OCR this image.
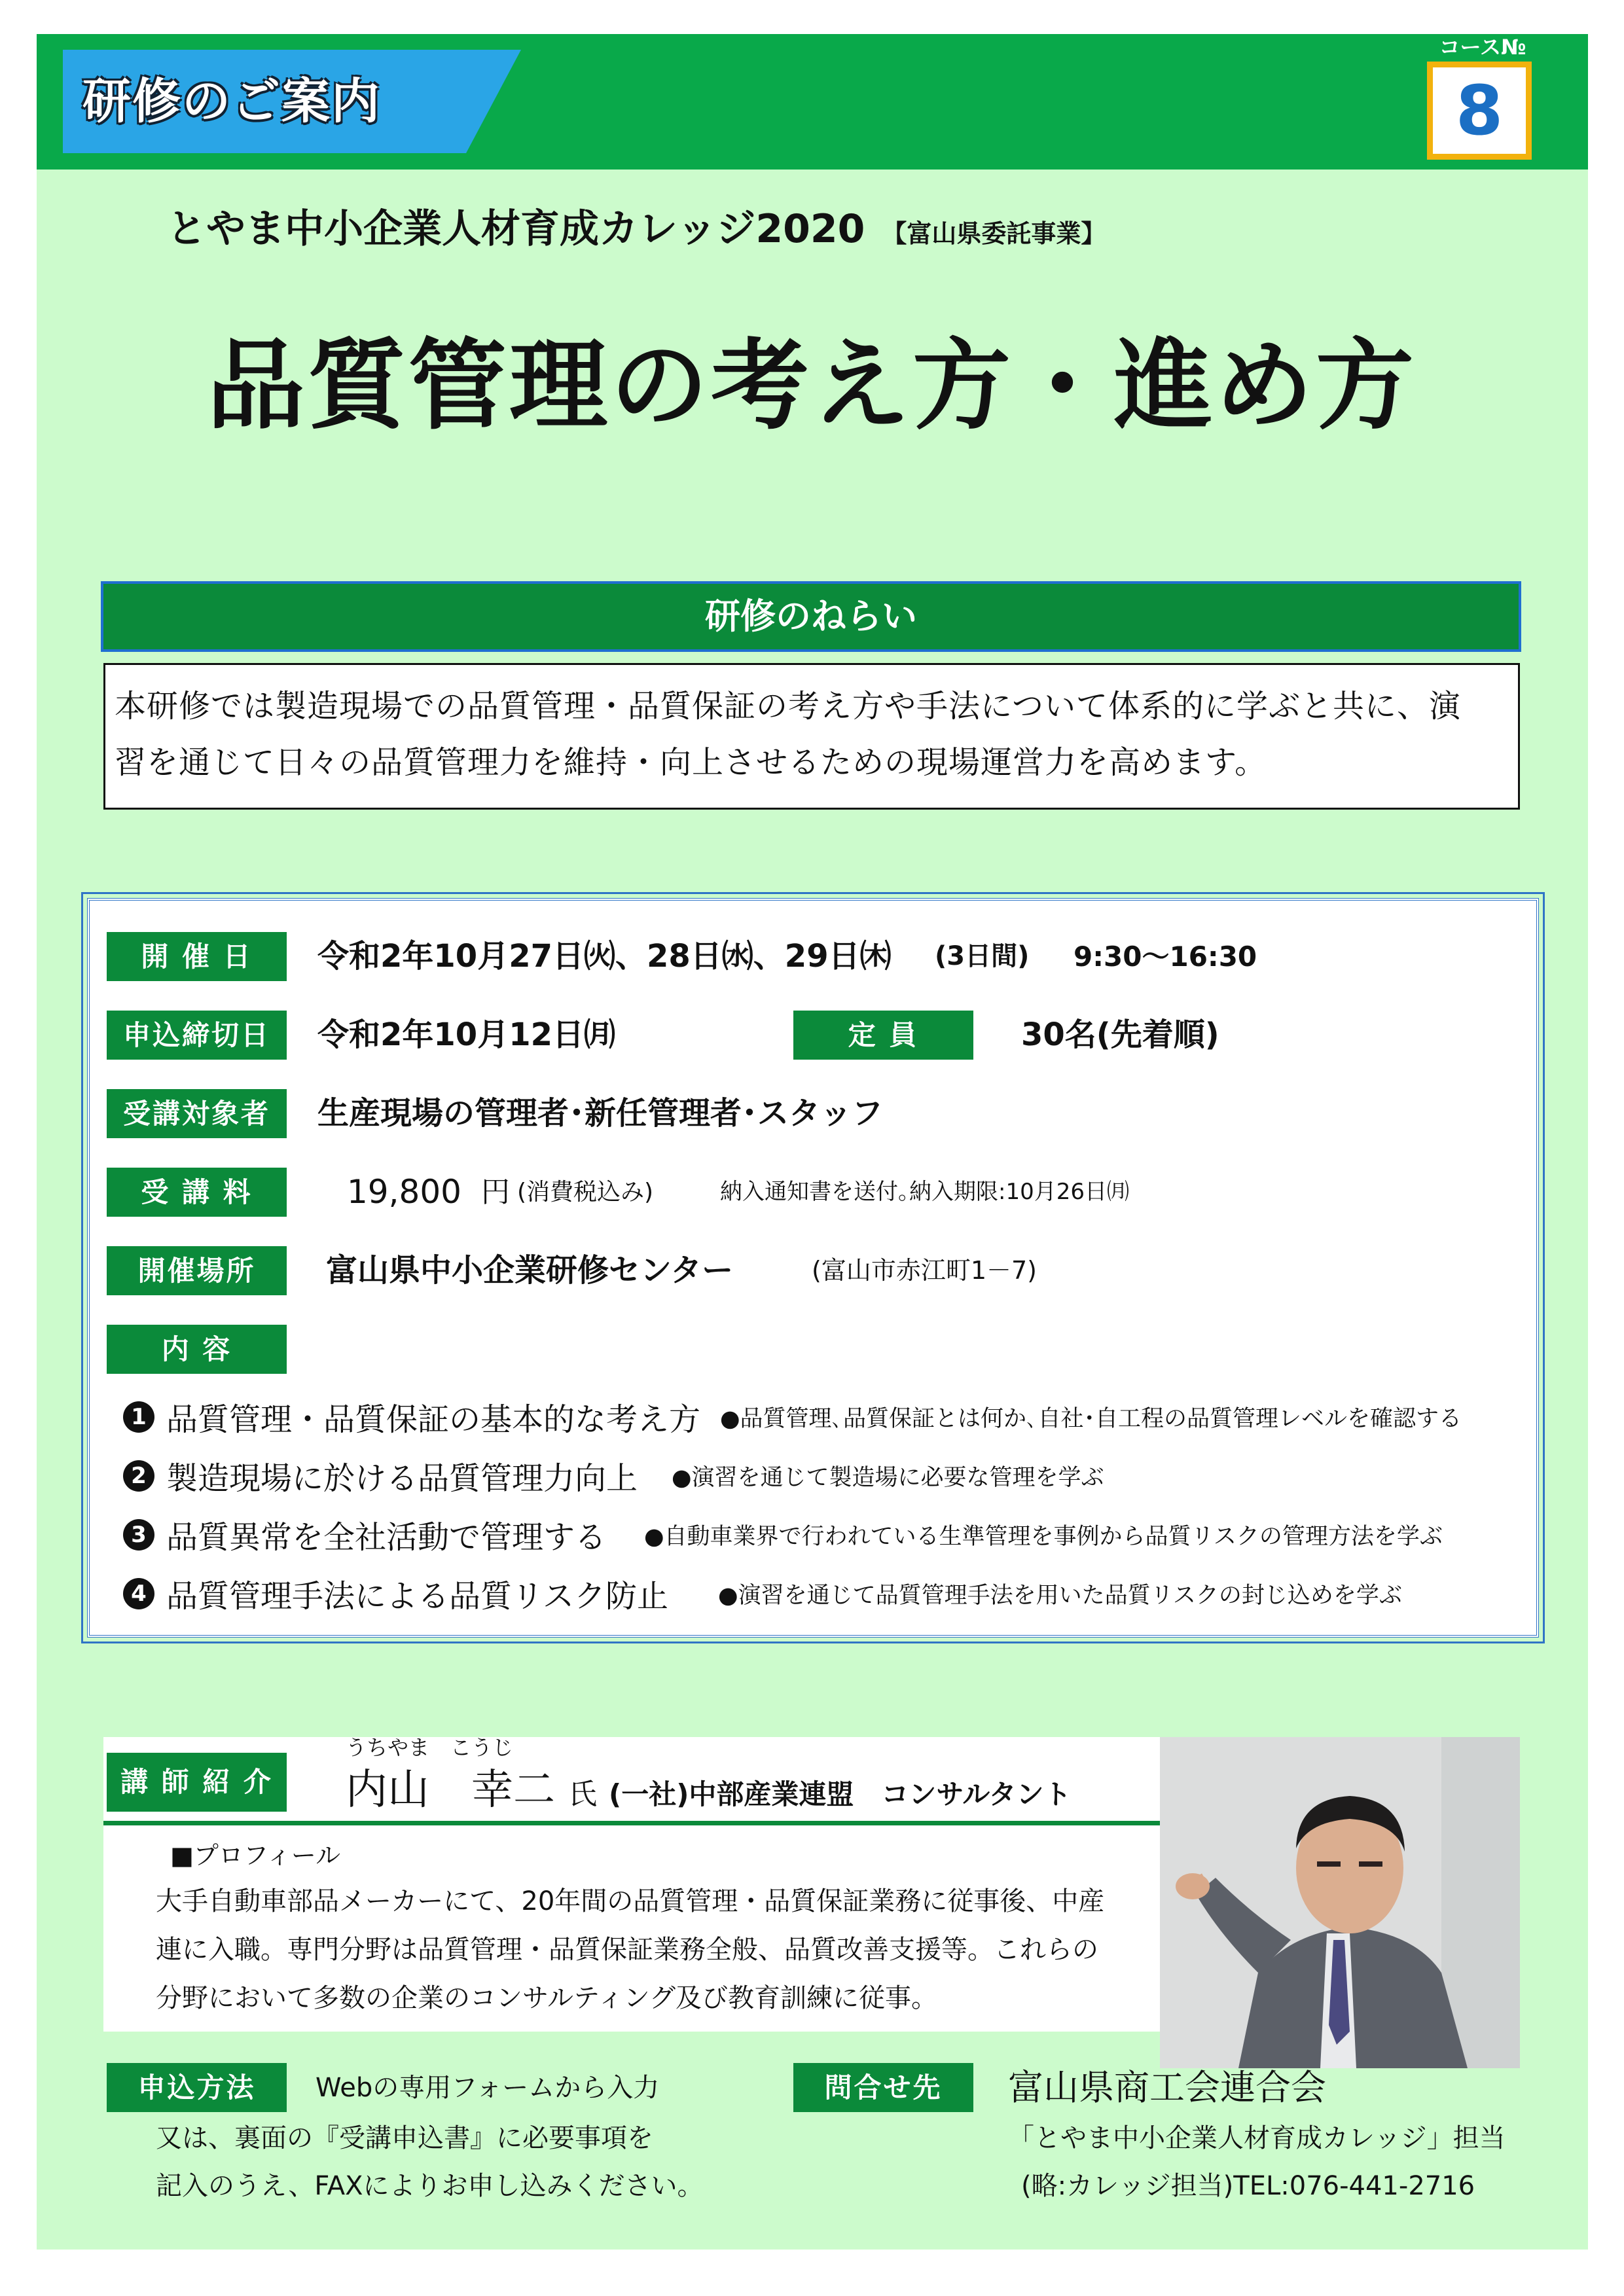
研修のご案内
コース№
8
とやま中小企業人材育成カレッジ2020 【富山県委託事業】
品質管理の考え方・進め方
研修のねらい
本研修では製造現場での品質管理・品質保証の考え方や手法について体系的に学ぶと共に、演
習を通じて日々の品質管理力を維持・向上させるための現場運営力を高めます。
開 催 日	令和2年10月27日㈫、28日㈬、29日㈭ (3日間) 9:30～16:30
申込締切日	令和2年10月12日㈪	定 員	30名(先着順)
受講対象者	生産現場の管理者･新任管理者･スタッフ
受 講 料	19,800 円 (消費税込み)	納入通知書を送付｡納入期限:10月26日㈪
開催場所	富山県中小企業研修センター	(富山市赤江町1－7)
内 容
1 品質管理・品質保証の基本的な考え方 ●品質管理､品質保証とは何か､自社･自工程の品質管理レベルを確認する
2 製造現場に於ける品質管理力向上 ●演習を通じて製造場に必要な管理を学ぶ
3 品質異常を全社活動で管理する ●自動車業界で行われている生準管理を事例から品質リスクの管理方法を学ぶ
4 品質管理手法による品質リスク防止 ●演習を通じて品質管理手法を用いた品質リスクの封じ込めを学ぶ
講 師 紹 介
うちやま　こうじ
内山　幸二 氏 (一社)中部産業連盟　コンサルタント
■プロフィール
大手自動車部品メーカーにて、20年間の品質管理・品質保証業務に従事後、中産
連に入職。専門分野は品質管理・品質保証業務全般、品質改善支援等。これらの
分野において多数の企業のコンサルティング及び教育訓練に従事。
申込方法	Webの専用フォームから入力
又は、裏面の『受講申込書』に必要事項を
記入のうえ、FAXによりお申し込みください。
問合せ先	富山県商工会連合会
「とやま中小企業人材育成カレッジ」担当
(略:カレッジ担当)TEL:076-441-2716
